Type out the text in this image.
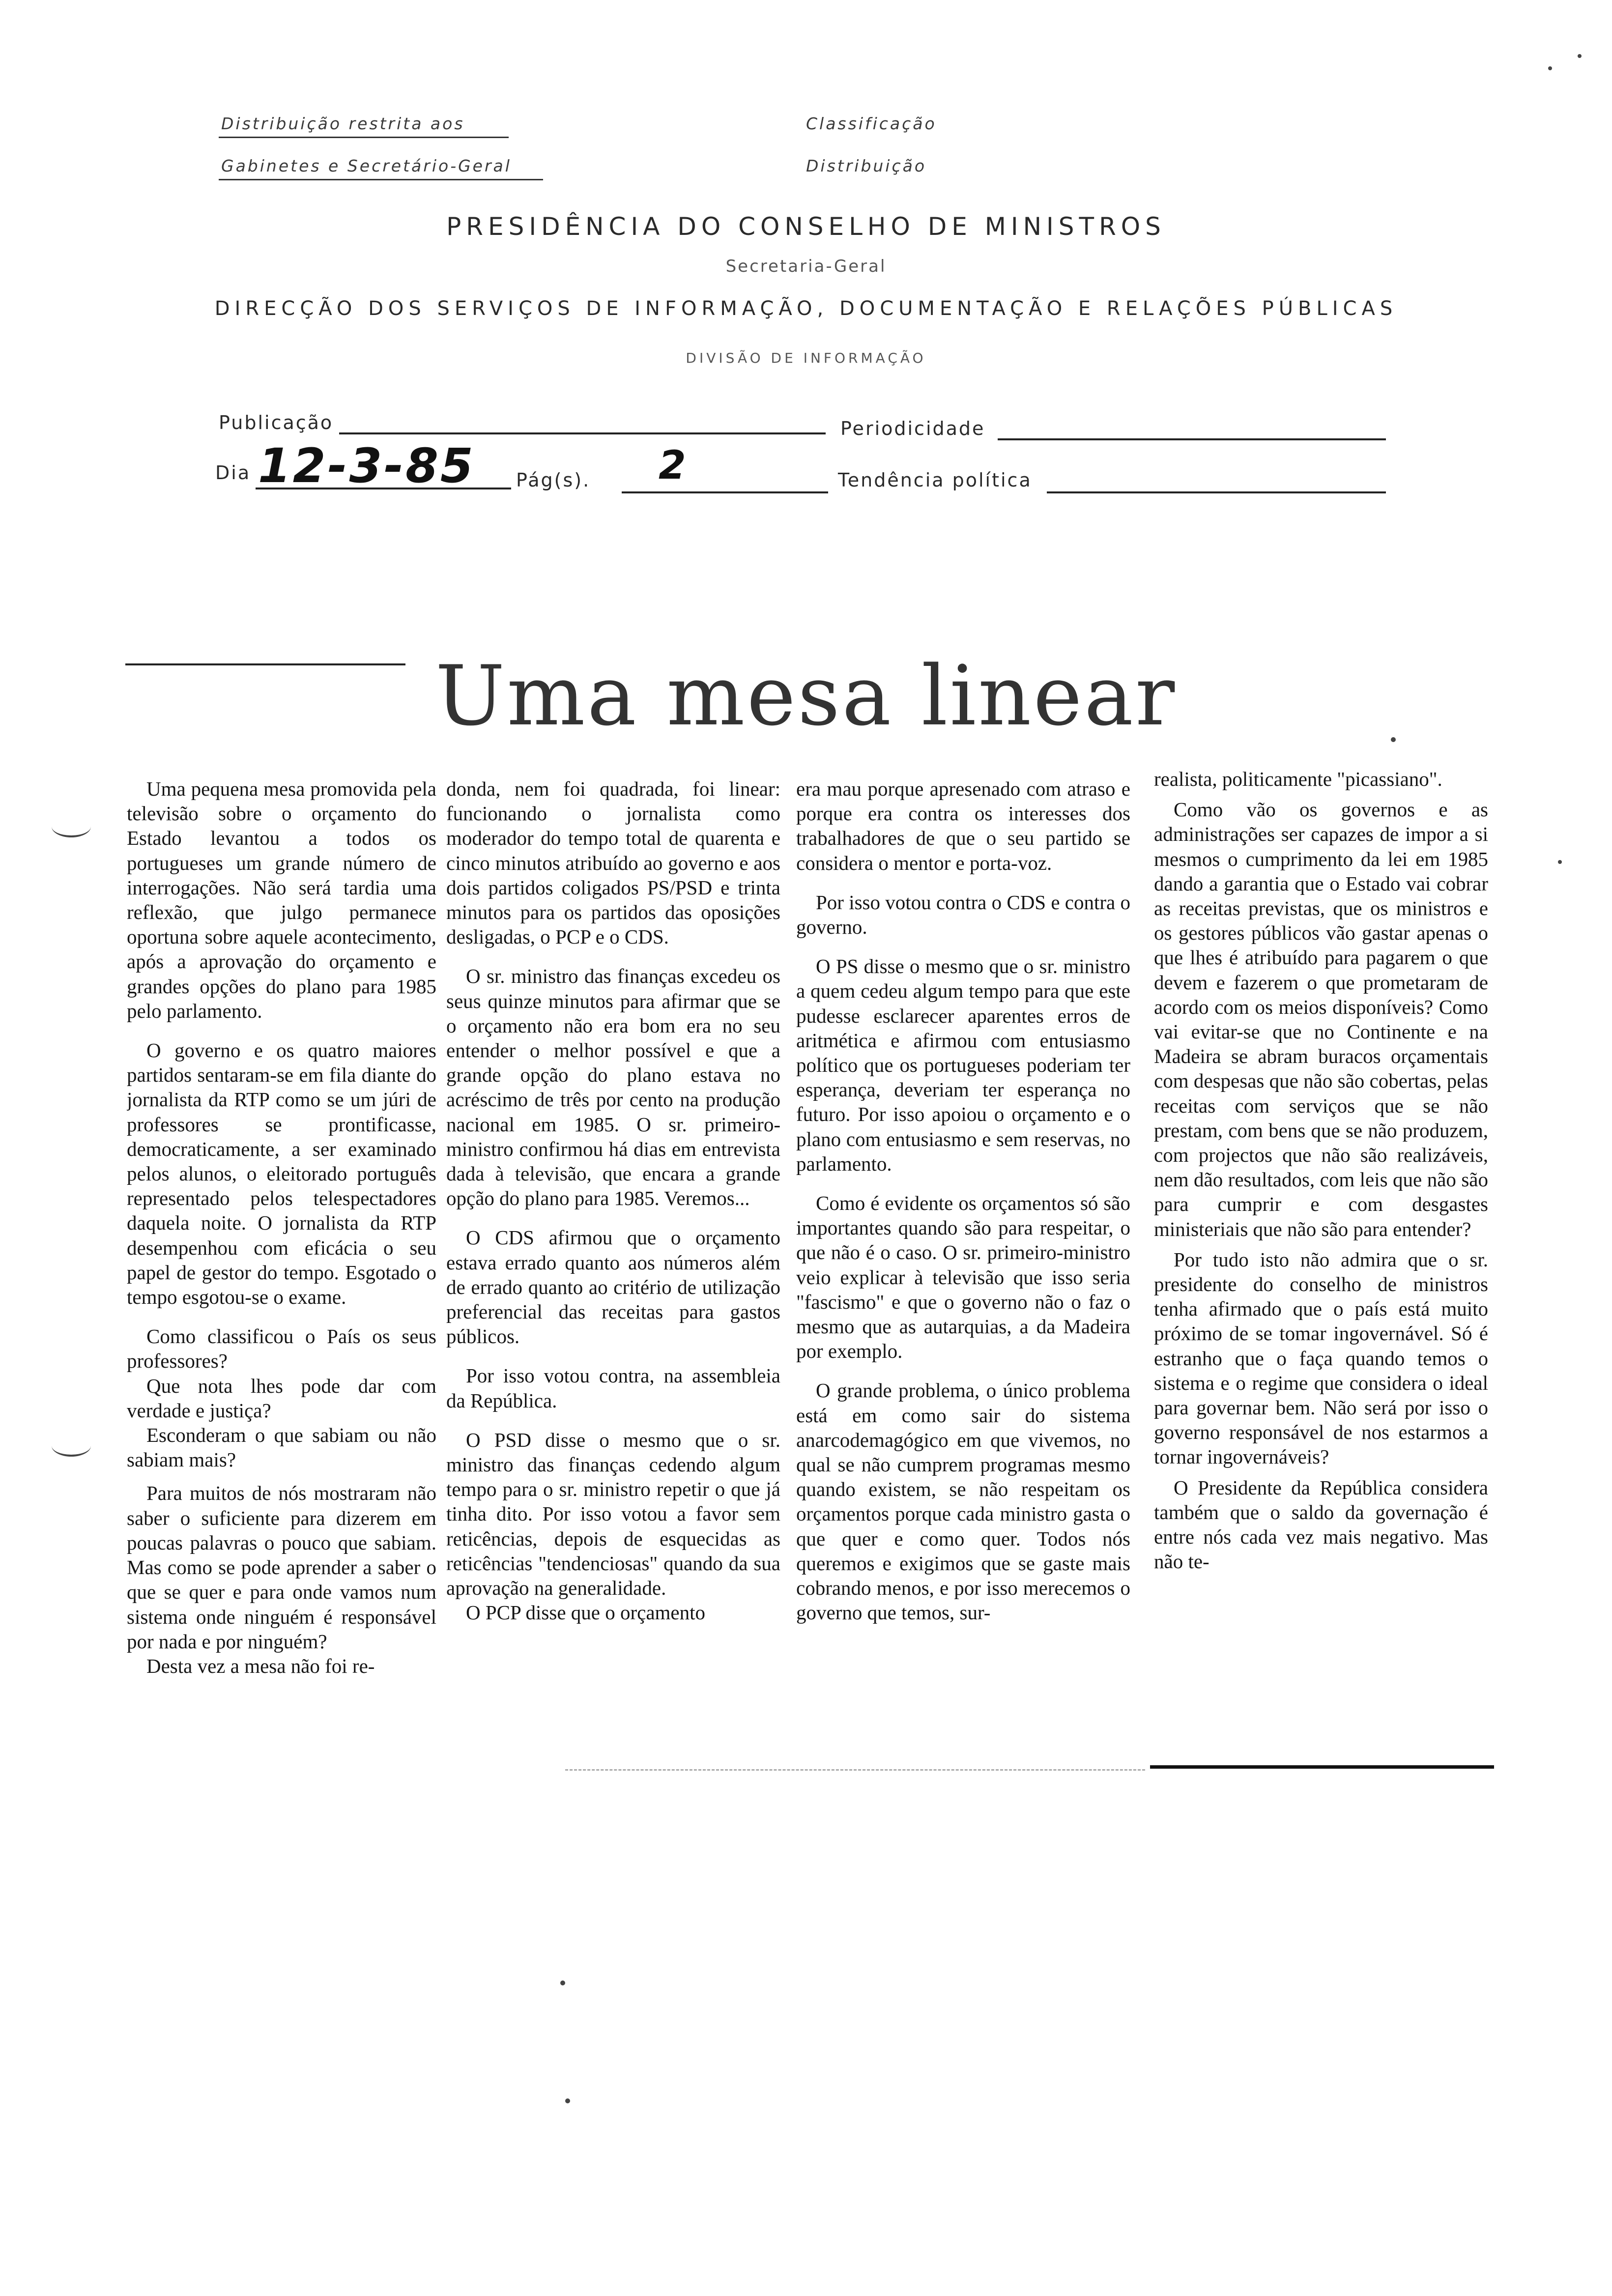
Distribuição restrita aos
Gabinetes e Secretário-Geral
Classificação
Distribuição
PRESIDÊNCIA DO CONSELHO DE MINISTROS
Secretaria-Geral
DIRECÇÃO DOS SERVIÇOS DE INFORMAÇÃO, DOCUMENTAÇÃO E RELAÇÕES PÚBLICAS
DIVISÃO DE INFORMAÇÃO
Publicação	Periodicidade
Dia 12-3-85 Pág(s). 2	Tendência política
Uma mesa linear

Uma pequena mesa promovida pela televisão sobre o orçamento do Estado levantou a todos os portugueses um grande número de interrogações. Não será tardia uma reflexão, que julgo permanece oportuna sobre aquele acontecimento, após a aprovação do orçamento e grandes opções do plano para 1985 pelo parlamento.

O governo e os quatro maiores partidos sentaram-se em fila diante do jornalista da RTP como se um júri de professores se prontificasse, democraticamente, a ser examinado pelos alunos, o eleitorado português representado pelos telespectadores daquela noite. O jornalista da RTP desempenhou com eficácia o seu papel de gestor do tempo. Esgotado o tempo esgotou-se o exame.

Como classificou o País os seus professores?

Que nota lhes pode dar com verdade e justiça?

Esconderam o que sabiam ou não sabiam mais?

Para muitos de nós mostraram não saber o suficiente para dizerem em poucas palavras o pouco que sabiam. Mas como se pode aprender a saber o que se quer e para onde vamos num sistema onde ninguém é responsável por nada e por ninguém?

Desta vez a mesa não foi re-

donda, nem foi quadrada, foi linear: funcionando o jornalista como moderador do tempo total de quarenta e cinco minutos atribuído ao governo e aos dois partidos coligados PS/PSD e trinta minutos para os partidos das oposições desligadas, o PCP e o CDS.

O sr. ministro das finanças excedeu os seus quinze minutos para afirmar que se o orçamento não era bom era no seu entender o melhor possível e que a grande opção do plano estava no acréscimo de três por cento na produção nacional em 1985. O sr. primeiro-ministro confirmou há dias em entrevista dada à televisão, que encara a grande opção do plano para 1985. Veremos...

O CDS afirmou que o orçamento estava errado quanto aos números além de errado quanto ao critério de utilização preferencial das receitas para gastos públicos.

Por isso votou contra, na assembleia da República.

O PSD disse o mesmo que o sr. ministro das finanças cedendo algum tempo para o sr. ministro repetir o que já tinha dito. Por isso votou a favor sem reticências, depois de esquecidas as reticências "tendenciosas" quando da sua aprovação na generalidade.

O PCP disse que o orçamento

era mau porque apresenado com atraso e porque era contra os interesses dos trabalhadores de que o seu partido se considera o mentor e porta-voz.

Por isso votou contra o CDS e contra o governo.

O PS disse o mesmo que o sr. ministro a quem cedeu algum tempo para que este pudesse esclarecer aparentes erros de aritmética e afirmou com entusiasmo político que os portugueses poderiam ter esperança, deveriam ter esperança no futuro. Por isso apoiou o orçamento e o plano com entusiasmo e sem reservas, no parlamento.

Como é evidente os orçamentos só são importantes quando são para respeitar, o que não é o caso. O sr. primeiro-ministro veio explicar à televisão que isso seria "fascismo" e que o governo não o faz o mesmo que as autarquias, a da Madeira por exemplo.

O grande problema, o único problema está em como sair do sistema anarcodemagógico em que vivemos, no qual se não cumprem programas mesmo quando existem, se não respeitam os orçamentos porque cada ministro gasta o que quer e como quer. Todos nós queremos e exigimos que se gaste mais cobrando menos, e por isso merecemos o governo que temos, sur-

realista, politicamente "picassiano".

Como vão os governos e as administrações ser capazes de impor a si mesmos o cumprimento da lei em 1985 dando a garantia que o Estado vai cobrar as receitas previstas, que os ministros e os gestores públicos vão gastar apenas o que lhes é atribuído para pagarem o que devem e fazerem o que prometaram de acordo com os meios disponíveis? Como vai evitar-se que no Continente e na Madeira se abram buracos orçamentais com despesas que não são cobertas, pelas receitas com serviços que se não prestam, com bens que se não produzem, com projectos que não são realizáveis, nem dão resultados, com leis que não são para cumprir e com desgastes ministeriais que não são para entender?

Por tudo isto não admira que o sr. presidente do conselho de ministros tenha afirmado que o país está muito próximo de se tomar ingovernável. Só é estranho que o faça quando temos o sistema e o regime que considera o ideal para governar bem. Não será por isso o governo responsável de nos estarmos a tornar ingovernáveis?

O Presidente da República considera também que o saldo da governação é entre nós cada vez mais negativo. Mas não te-
